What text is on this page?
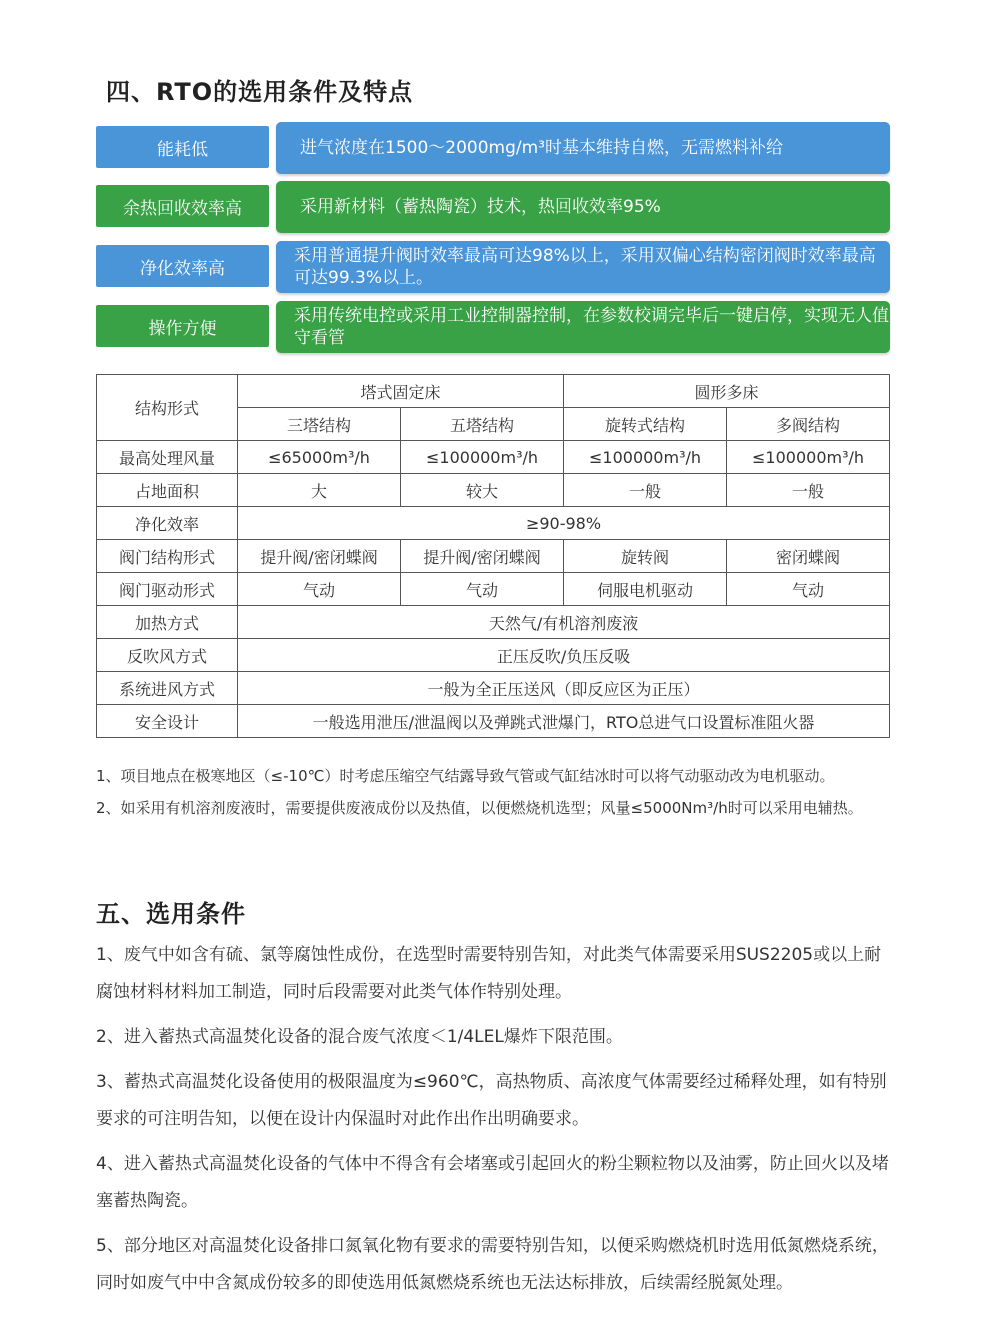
四、RTO的选用条件及特点
能耗低	进气浓度在1500～2000mg/m³时基本维持自燃，无需燃料补给
余热回收效率高	采用新材料（蓄热陶瓷）技术，热回收效率95%
净化效率高
采用普通提升阀时效率最高可达98%以上，采用双偏心结构密闭阀时效率最高可达99.3%以上。
操作方便
采用传统电控或采用工业控制器控制，在参数校调完毕后一键启停，实现无人值守看管
结构形式	塔式固定床		圆形多床	
	三塔结构	五塔结构	旋转式结构	多阀结构
最高处理风量	≤65000m³/h	≤100000m³/h	≤100000m³/h	≤100000m³/h
占地面积	大	较大	一般	一般
净化效率	≥90-98%			
阀门结构形式	提升阀/密闭蝶阀	提升阀/密闭蝶阀	旋转阀	密闭蝶阀
阀门驱动形式	气动	气动	伺服电机驱动	气动
加热方式	天然气/有机溶剂废液			
反吹风方式	正压反吹/负压反吸			
系统进风方式	一般为全正压送风（即反应区为正压）			
安全设计	一般选用泄压/泄温阀以及弹跳式泄爆门，RTO总进气口设置标准阻火器			
1、项目地点在极寒地区（≤-10℃）时考虑压缩空气结露导致气管或气缸结冰时可以将气动驱动改为电机驱动。
2、如采用有机溶剂废液时，需要提供废液成份以及热值，以便燃烧机选型；风量≤5000Nm³/h时可以采用电辅热。
五、选用条件

1、废气中如含有硫、氯等腐蚀性成份，在选型时需要特别告知，对此类气体需要采用SUS2205或以上耐腐蚀材料材料加工制造，同时后段需要对此类气体作特别处理。

2、进入蓄热式高温焚化设备的混合废气浓度＜1/4LEL爆炸下限范围。

3、蓄热式高温焚化设备使用的极限温度为≤960℃，高热物质、高浓度气体需要经过稀释处理，如有特别要求的可注明告知，以便在设计内保温时对此作出作出明确要求。

4、进入蓄热式高温焚化设备的气体中不得含有会堵塞或引起回火的粉尘颗粒物以及油雾，防止回火以及堵塞蓄热陶瓷。

5、部分地区对高温焚化设备排口氮氧化物有要求的需要特别告知，以便采购燃烧机时选用低氮燃烧系统，同时如废气中中含氮成份较多的即使选用低氮燃烧系统也无法达标排放，后续需经脱氮处理。
